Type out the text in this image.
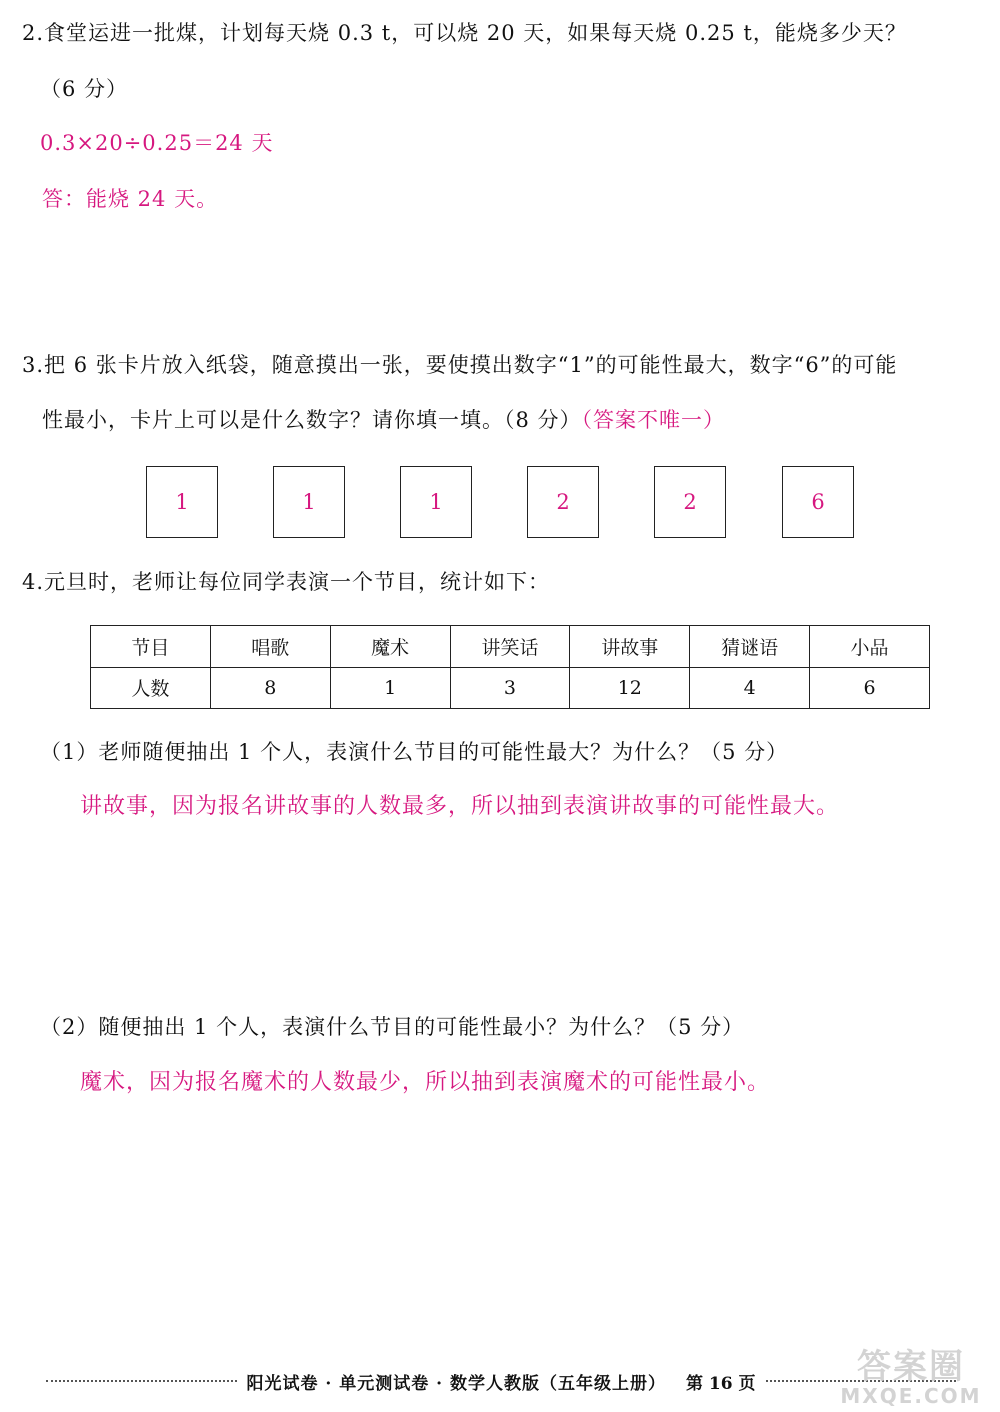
2.食堂运进一批煤，计划每天烧 0.3 t，可以烧 20 天，如果每天烧 0.25 t，能烧多少天？
（6 分）
0.3×20÷0.25＝24 天
答：能烧 24 天。
3.把 6 张卡片放入纸袋，随意摸出一张，要使摸出数字“1”的可能性最大，数字“6”的可能
性最小，卡片上可以是什么数字？请你填一填。（8 分）（答案不唯一）
1	1	1	2	2	6
4.元旦时，老师让每位同学表演一个节目，统计如下：
节目	唱歌	魔术	讲笑话	讲故事	猜谜语	小品
人数	8	1	3	12	4	6
（1）老师随便抽出 1 个人，表演什么节目的可能性最大？为什么？（5 分）
讲故事，因为报名讲故事的人数最多，所以抽到表演讲故事的可能性最大。
（2）随便抽出 1 个人，表演什么节目的可能性最小？为什么？（5 分）
魔术，因为报名魔术的人数最少，所以抽到表演魔术的可能性最小。
阳光试卷 · 单元测试卷 · 数学人教版（五年级上册） 第 16 页	答案圈
MXQE.COM
